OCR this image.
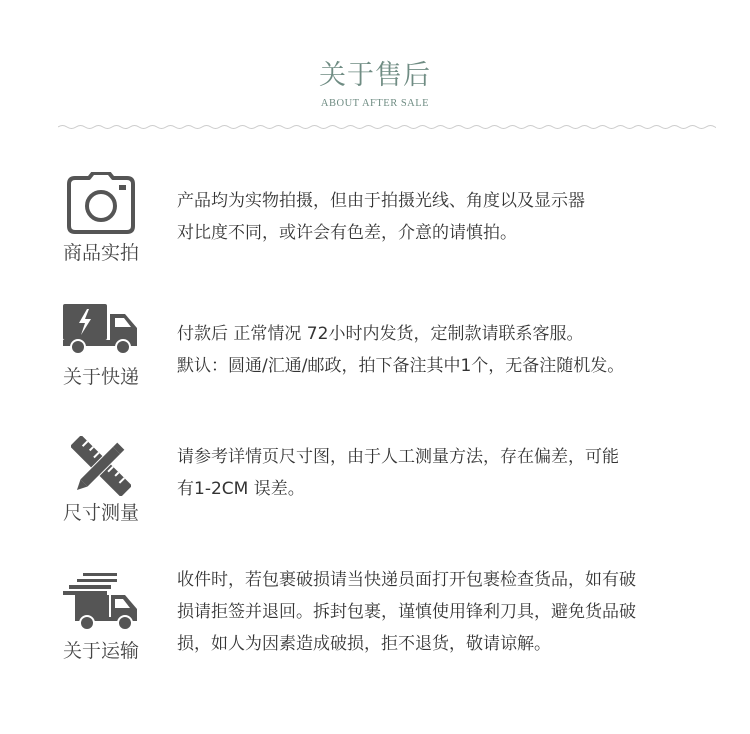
关于售后
ABOUT AFTER SALE
商品实拍

产品均为实物拍摄，但由于拍摄光线、角度以及显示器

对比度不同，或许会有色差，介意的请慎拍。

关于快递

付款后 正常情况 72小时内发货，定制款请联系客服。

默认：圆通/汇通/邮政，拍下备注其中1个，无备注随机发。

尺寸测量

请参考详情页尺寸图，由于人工测量方法，存在偏差，可能

有1-2CM 误差。

关于运输

收件时，若包裹破损请当快递员面打开包裹检查货品，如有破

损请拒签并退回。拆封包裹，谨慎使用锋利刀具，避免货品破

损，如人为因素造成破损，拒不退货，敬请谅解。
